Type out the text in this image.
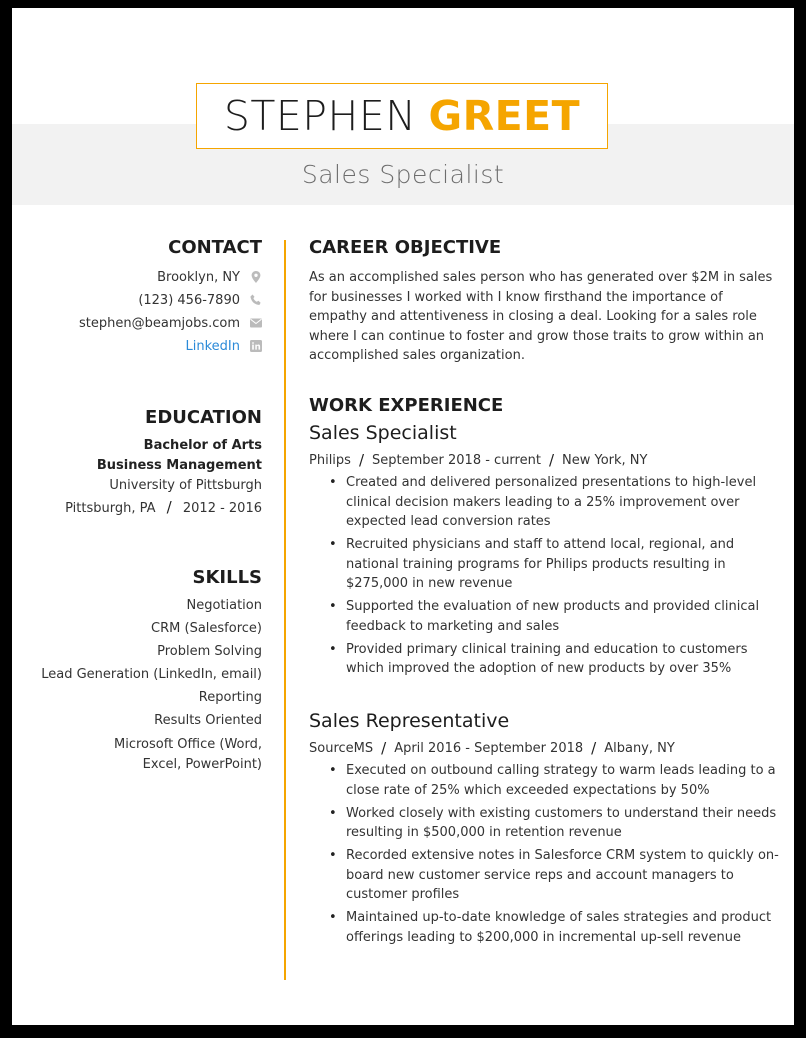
STEPHEN GREET
Sales Specialist
CONTACT
Brooklyn, NY
(123) 456-7890
stephen@beamjobs.com
LinkedIn
EDUCATION
Bachelor of Arts
Business Management
University of Pittsburgh
Pittsburgh, PA / 2012 - 2016
SKILLS
Negotiation
CRM (Salesforce)
Problem Solving
Lead Generation (LinkedIn, email)
Reporting
Results Oriented
Microsoft Office (Word, Excel, PowerPoint)
CAREER OBJECTIVE

As an accomplished sales person who has generated over $2M in sales for businesses I worked with I know firsthand the importance of empathy and attentiveness in closing a deal. Looking for a sales role where I can continue to foster and grow those traits to grow within an accomplished sales organization.

WORK EXPERIENCE
Sales Specialist
Philips / September 2018 - current / New York, NY
• Created and delivered personalized presentations to high-level clinical decision makers leading to a 25% improvement over expected lead conversion rates
• Recruited physicians and staff to attend local, regional, and national training programs for Philips products resulting in $275,000 in new revenue
• Supported the evaluation of new products and provided clinical feedback to marketing and sales
• Provided primary clinical training and education to customers which improved the adoption of new products by over 35%
Sales Representative
SourceMS / April 2016 - September 2018 / Albany, NY
• Executed on outbound calling strategy to warm leads leading to a close rate of 25% which exceeded expectations by 50%
• Worked closely with existing customers to understand their needs resulting in $500,000 in retention revenue
• Recorded extensive notes in Salesforce CRM system to quickly on-board new customer service reps and account managers to customer profiles
• Maintained up-to-date knowledge of sales strategies and product offerings leading to $200,000 in incremental up-sell revenue
